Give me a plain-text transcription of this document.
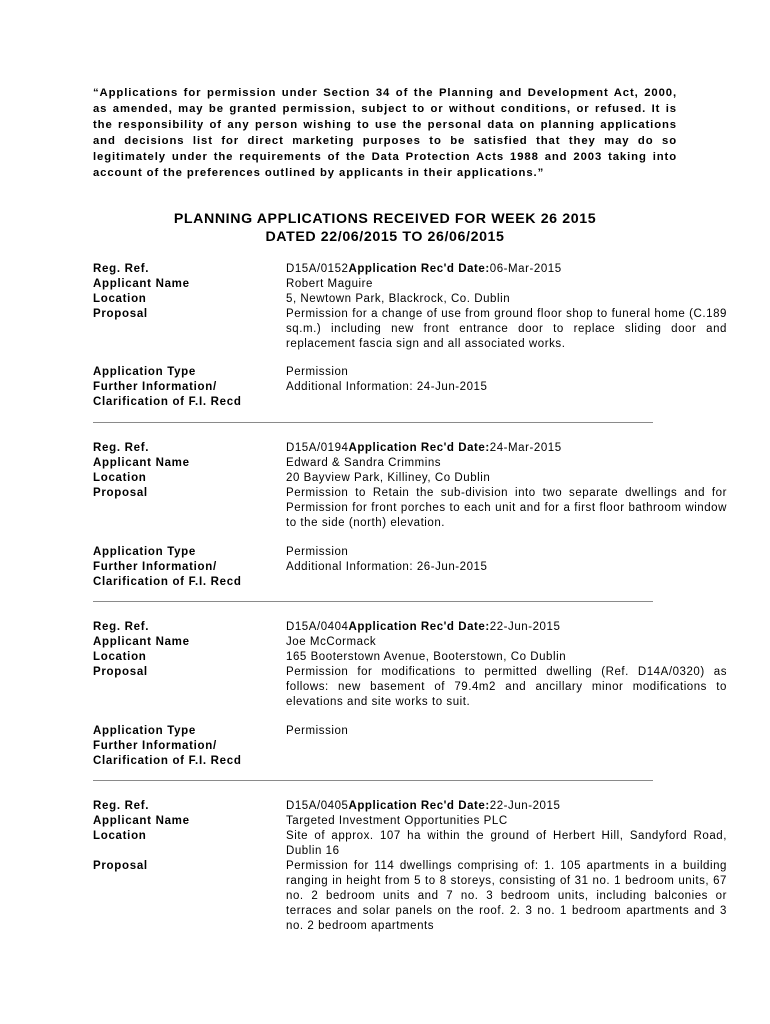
“Applications for permission under Section 34 of the Planning and Development Act, 2000, as amended, may be granted permission, subject to or without conditions, or refused. It is the responsibility of any person wishing to use the personal data on planning applications and decisions list for direct marketing purposes to be satisfied that they may do so legitimately under the requirements of the Data Protection Acts 1988 and 2003 taking into account of the preferences outlined by applicants in their applications.”

PLANNING APPLICATIONS RECEIVED FOR WEEK 26 2015
DATED 22/06/2015 TO 26/06/2015
Reg. Ref.	D15A/0152Application Rec'd Date:06-Mar-2015
Applicant Name	Robert Maguire
Location	5, Newtown Park, Blackrock, Co. Dublin
Proposal	Permission for a change of use from ground floor shop to funeral home (C.189 sq.m.) including new front entrance door to replace sliding door and replacement fascia sign and all associated works.
Application Type	Permission
Further Information/	Additional Information: 24-Jun-2015
Clarification of F.I. Recd
Reg. Ref.	D15A/0194Application Rec'd Date:24-Mar-2015
Applicant Name	Edward & Sandra Crimmins
Location	20 Bayview Park, Killiney, Co Dublin
Proposal	Permission to Retain the sub-division into two separate dwellings and for Permission for front porches to each unit and for a first floor bathroom window to the side (north) elevation.
Application Type	Permission
Further Information/	Additional Information: 26-Jun-2015
Clarification of F.I. Recd
Reg. Ref.	D15A/0404Application Rec'd Date:22-Jun-2015
Applicant Name	Joe McCormack
Location	165 Booterstown Avenue, Booterstown, Co Dublin
Proposal	Permission for modifications to permitted dwelling (Ref. D14A/0320) as follows: new basement of 79.4m2 and ancillary minor modifications to elevations and site works to suit.
Application Type	Permission
Further Information/
Clarification of F.I. Recd
Reg. Ref.	D15A/0405Application Rec'd Date:22-Jun-2015
Applicant Name	Targeted Investment Opportunities PLC
Location	Site of approx. 107 ha within the ground of Herbert Hill, Sandyford Road, Dublin 16
Proposal	Permission for 114 dwellings comprising of: 1. 105 apartments in a building ranging in height from 5 to 8 storeys, consisting of 31 no. 1 bedroom units, 67 no. 2 bedroom units and 7 no. 3 bedroom units, including balconies or terraces and solar panels on the roof. 2. 3 no. 1 bedroom apartments and 3 no. 2 bedroom apartments
